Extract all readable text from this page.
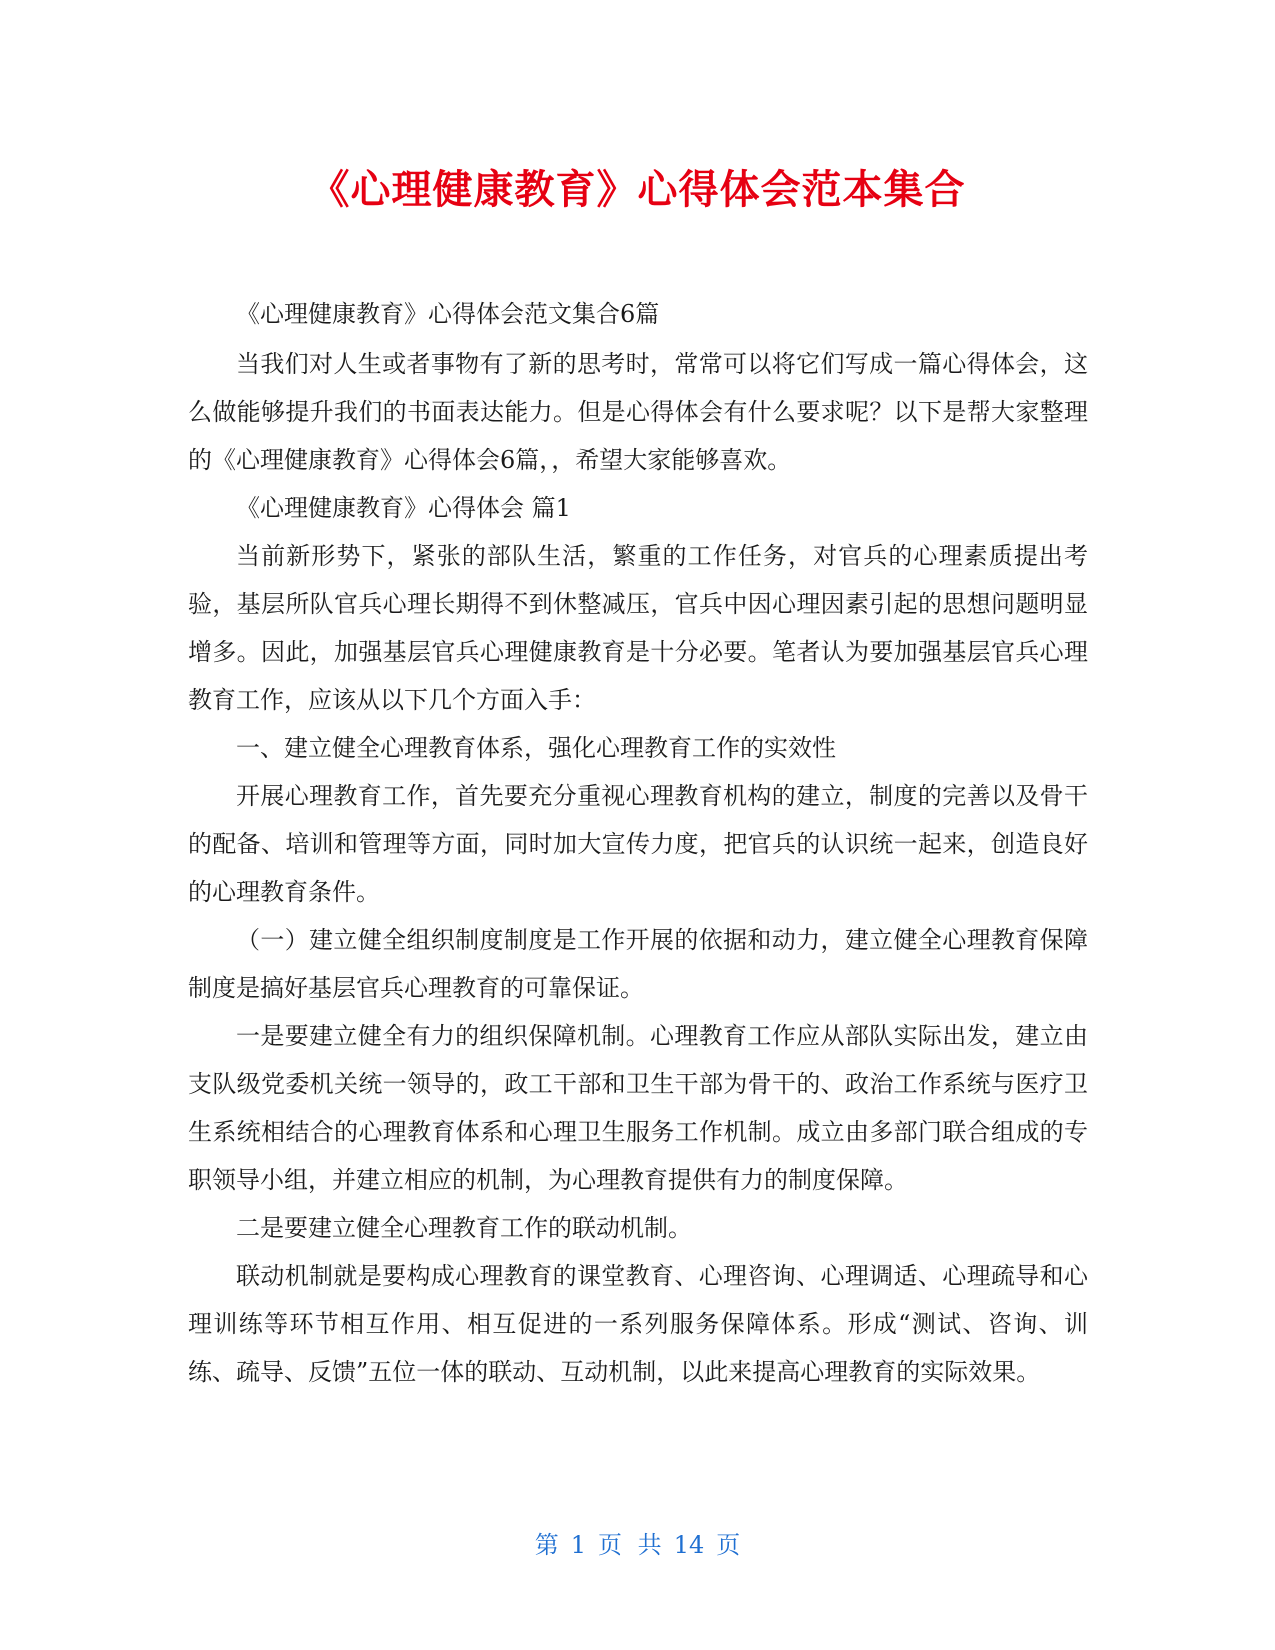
《心理健康教育》心得体会范本集合

《心理健康教育》心得体会范文集合6篇

当我们对人生或者事物有了新的思考时，常常可以将它们写成一篇心得体会，这么做能够提升我们的书面表达能力。但是心得体会有什么要求呢？以下是帮大家整理的《心理健康教育》心得体会6篇，，希望大家能够喜欢。

《心理健康教育》心得体会 篇1

当前新形势下，紧张的部队生活，繁重的工作任务，对官兵的心理素质提出考验，基层所队官兵心理长期得不到休整减压，官兵中因心理因素引起的思想问题明显增多。因此，加强基层官兵心理健康教育是十分必要。笔者认为要加强基层官兵心理教育工作，应该从以下几个方面入手：

一、建立健全心理教育体系，强化心理教育工作的实效性

开展心理教育工作，首先要充分重视心理教育机构的建立，制度的完善以及骨干的配备、培训和管理等方面，同时加大宣传力度，把官兵的认识统一起来，创造良好的心理教育条件。

（一）建立健全组织制度制度是工作开展的依据和动力，建立健全心理教育保障制度是搞好基层官兵心理教育的可靠保证。

一是要建立健全有力的组织保障机制。心理教育工作应从部队实际出发，建立由支队级党委机关统一领导的，政工干部和卫生干部为骨干的、政治工作系统与医疗卫生系统相结合的心理教育体系和心理卫生服务工作机制。成立由多部门联合组成的专职领导小组，并建立相应的机制，为心理教育提供有力的制度保障。

二是要建立健全心理教育工作的联动机制。

联动机制就是要构成心理教育的课堂教育、心理咨询、心理调适、心理疏导和心理训练等环节相互作用、相互促进的一系列服务保障体系。形成“测试、咨询、训练、疏导、反馈”五位一体的联动、互动机制，以此来提高心理教育的实际效果。

第 1 页 共 14 页
